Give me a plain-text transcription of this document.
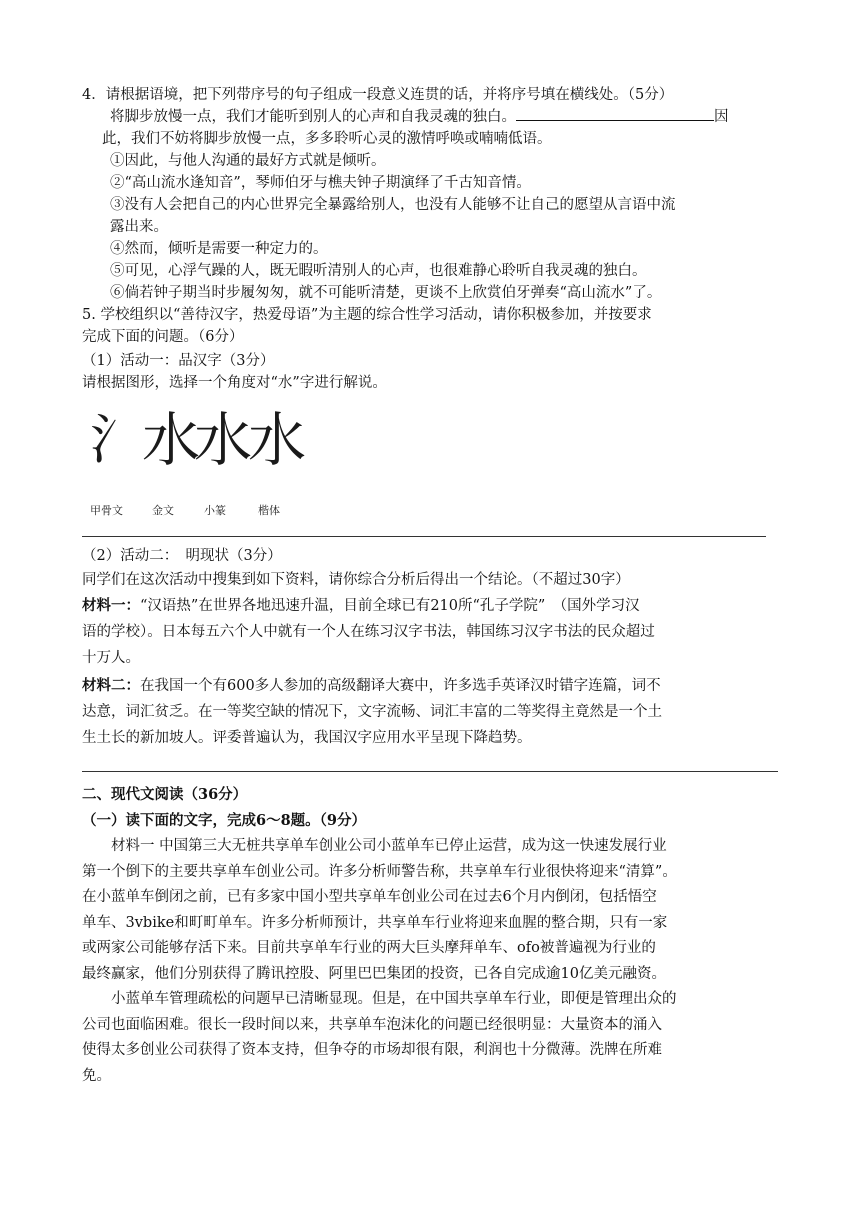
4．请根据语境，把下列带序号的句子组成一段意义连贯的话，并将序号填在横线处。（5分）
将脚步放慢一点，我们才能听到别人的心声和自我灵魂的独白。	因
此，我们不妨将脚步放慢一点，多多聆听心灵的激情呼唤或喃喃低语。
①因此，与他人沟通的最好方式就是倾听。
②“高山流水逢知音”，琴师伯牙与樵夫钟子期演绎了千古知音情。
③没有人会把自己的内心世界完全暴露给别人，也没有人能够不让自己的愿望从言语中流
露出来。
④然而，倾听是需要一种定力的。
⑤可见，心浮气躁的人，既无暇听清别人的心声，也很难静心聆听自我灵魂的独白。
⑥倘若钟子期当时步履匆匆，就不可能听清楚，更谈不上欣赏伯牙弹奏“高山流水”了。
5. 学校组织以“善待汉字，热爱母语”为主题的综合性学习活动，请你积极参加，并按要求
完成下面的问题。（6分）
（1）活动一：品汉字（3分）
请根据图形，选择一个角度对“水”字进行解说。
氵
水
水
水
甲骨文	金文	小篆	楷体
（2）活动二：　明现状（3分）
同学们在这次活动中搜集到如下资料，请你综合分析后得出一个结论。（不超过30字）
材料一：“汉语热”在世界各地迅速升温，目前全球已有210所“孔子学院”　（国外学习汉
语的学校）。日本每五六个人中就有一个人在练习汉字书法，韩国练习汉字书法的民众超过
十万人。
材料二：在我国一个有600多人参加的高级翻译大赛中，许多选手英译汉时错字连篇，词不
达意，词汇贫乏。在一等奖空缺的情况下，文字流畅、词汇丰富的二等奖得主竟然是一个土
生土长的新加坡人。评委普遍认为，我国汉字应用水平呈现下降趋势。
二、现代文阅读（36分）
（一）读下面的文字，完成6～8题。（9分）
　　材料一 中国第三大无桩共享单车创业公司小蓝单车已停止运营，成为这一快速发展行业
第一个倒下的主要共享单车创业公司。许多分析师警告称，共享单车行业很快将迎来“清算”。
在小蓝单车倒闭之前，已有多家中国小型共享单车创业公司在过去6个月内倒闭，包括悟空
单车、3vbike和町町单车。许多分析师预计，共享单车行业将迎来血腥的整合期，只有一家
或两家公司能够存活下来。目前共享单车行业的两大巨头摩拜单车、ofo被普遍视为行业的
最终赢家，他们分别获得了腾讯控股、阿里巴巴集团的投资，已各自完成逾10亿美元融资。
　　小蓝单车管理疏松的问题早已清晰显现。但是，在中国共享单车行业，即便是管理出众的
公司也面临困难。很长一段时间以来，共享单车泡沫化的问题已经很明显：大量资本的涌入
使得太多创业公司获得了资本支持，但争夺的市场却很有限，利润也十分微薄。洗牌在所难
免。
